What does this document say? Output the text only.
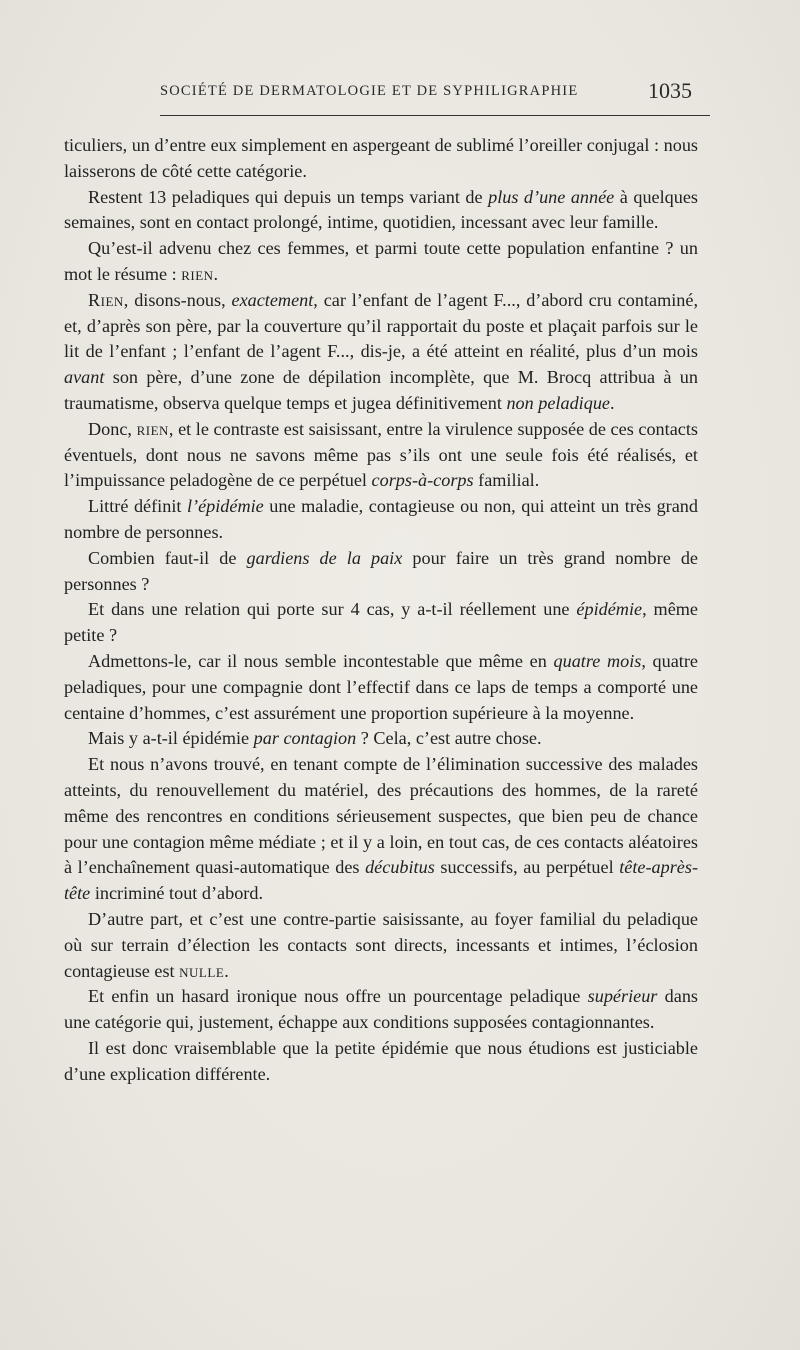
SOCIÉTÉ DE DERMATOLOGIE ET DE SYPHILIGRAPHIE	1035

ticuliers, un d’entre eux simplement en aspergeant de sublimé l’oreiller conjugal : nous laisserons de côté cette catégorie.

Restent 13 peladiques qui depuis un temps variant de plus d’une année à quelques semaines, sont en contact prolongé, intime, quotidien, incessant avec leur famille.

Qu’est-il advenu chez ces femmes, et parmi toute cette population enfantine ? un mot le résume : rien.

Rien, disons-nous, exactement, car l’enfant de l’agent F..., d’abord cru contaminé, et, d’après son père, par la couverture qu’il rapportait du poste et plaçait parfois sur le lit de l’enfant ; l’enfant de l’agent F..., dis-je, a été atteint en réalité, plus d’un mois avant son père, d’une zone de dépilation incomplète, que M. Brocq attribua à un traumatisme, observa quelque temps et jugea définitivement non peladique.

Donc, rien, et le contraste est saisissant, entre la virulence supposée de ces contacts éventuels, dont nous ne savons même pas s’ils ont une seule fois été réalisés, et l’impuissance peladogène de ce perpétuel corps-à-corps familial.

Littré définit l’épidémie une maladie, contagieuse ou non, qui atteint un très grand nombre de personnes.

Combien faut-il de gardiens de la paix pour faire un très grand nombre de personnes ?

Et dans une relation qui porte sur 4 cas, y a-t-il réellement une épidémie, même petite ?

Admettons-le, car il nous semble incontestable que même en quatre mois, quatre peladiques, pour une compagnie dont l’effectif dans ce laps de temps a comporté une centaine d’hommes, c’est assurément une proportion supérieure à la moyenne.

Mais y a-t-il épidémie par contagion ? Cela, c’est autre chose.

Et nous n’avons trouvé, en tenant compte de l’élimination successive des malades atteints, du renouvellement du matériel, des précautions des hommes, de la rareté même des rencontres en conditions sérieusement suspectes, que bien peu de chance pour une contagion même médiate ; et il y a loin, en tout cas, de ces contacts aléatoires à l’enchaînement quasi-automatique des décubitus successifs, au perpétuel tête-après-tête incriminé tout d’abord.

D’autre part, et c’est une contre-partie saisissante, au foyer familial du peladique où sur terrain d’élection les contacts sont directs, incessants et intimes, l’éclosion contagieuse est nulle.

Et enfin un hasard ironique nous offre un pourcentage peladique supérieur dans une catégorie qui, justement, échappe aux conditions supposées contagionnantes.

Il est donc vraisemblable que la petite épidémie que nous étudions est justiciable d’une explication différente.
